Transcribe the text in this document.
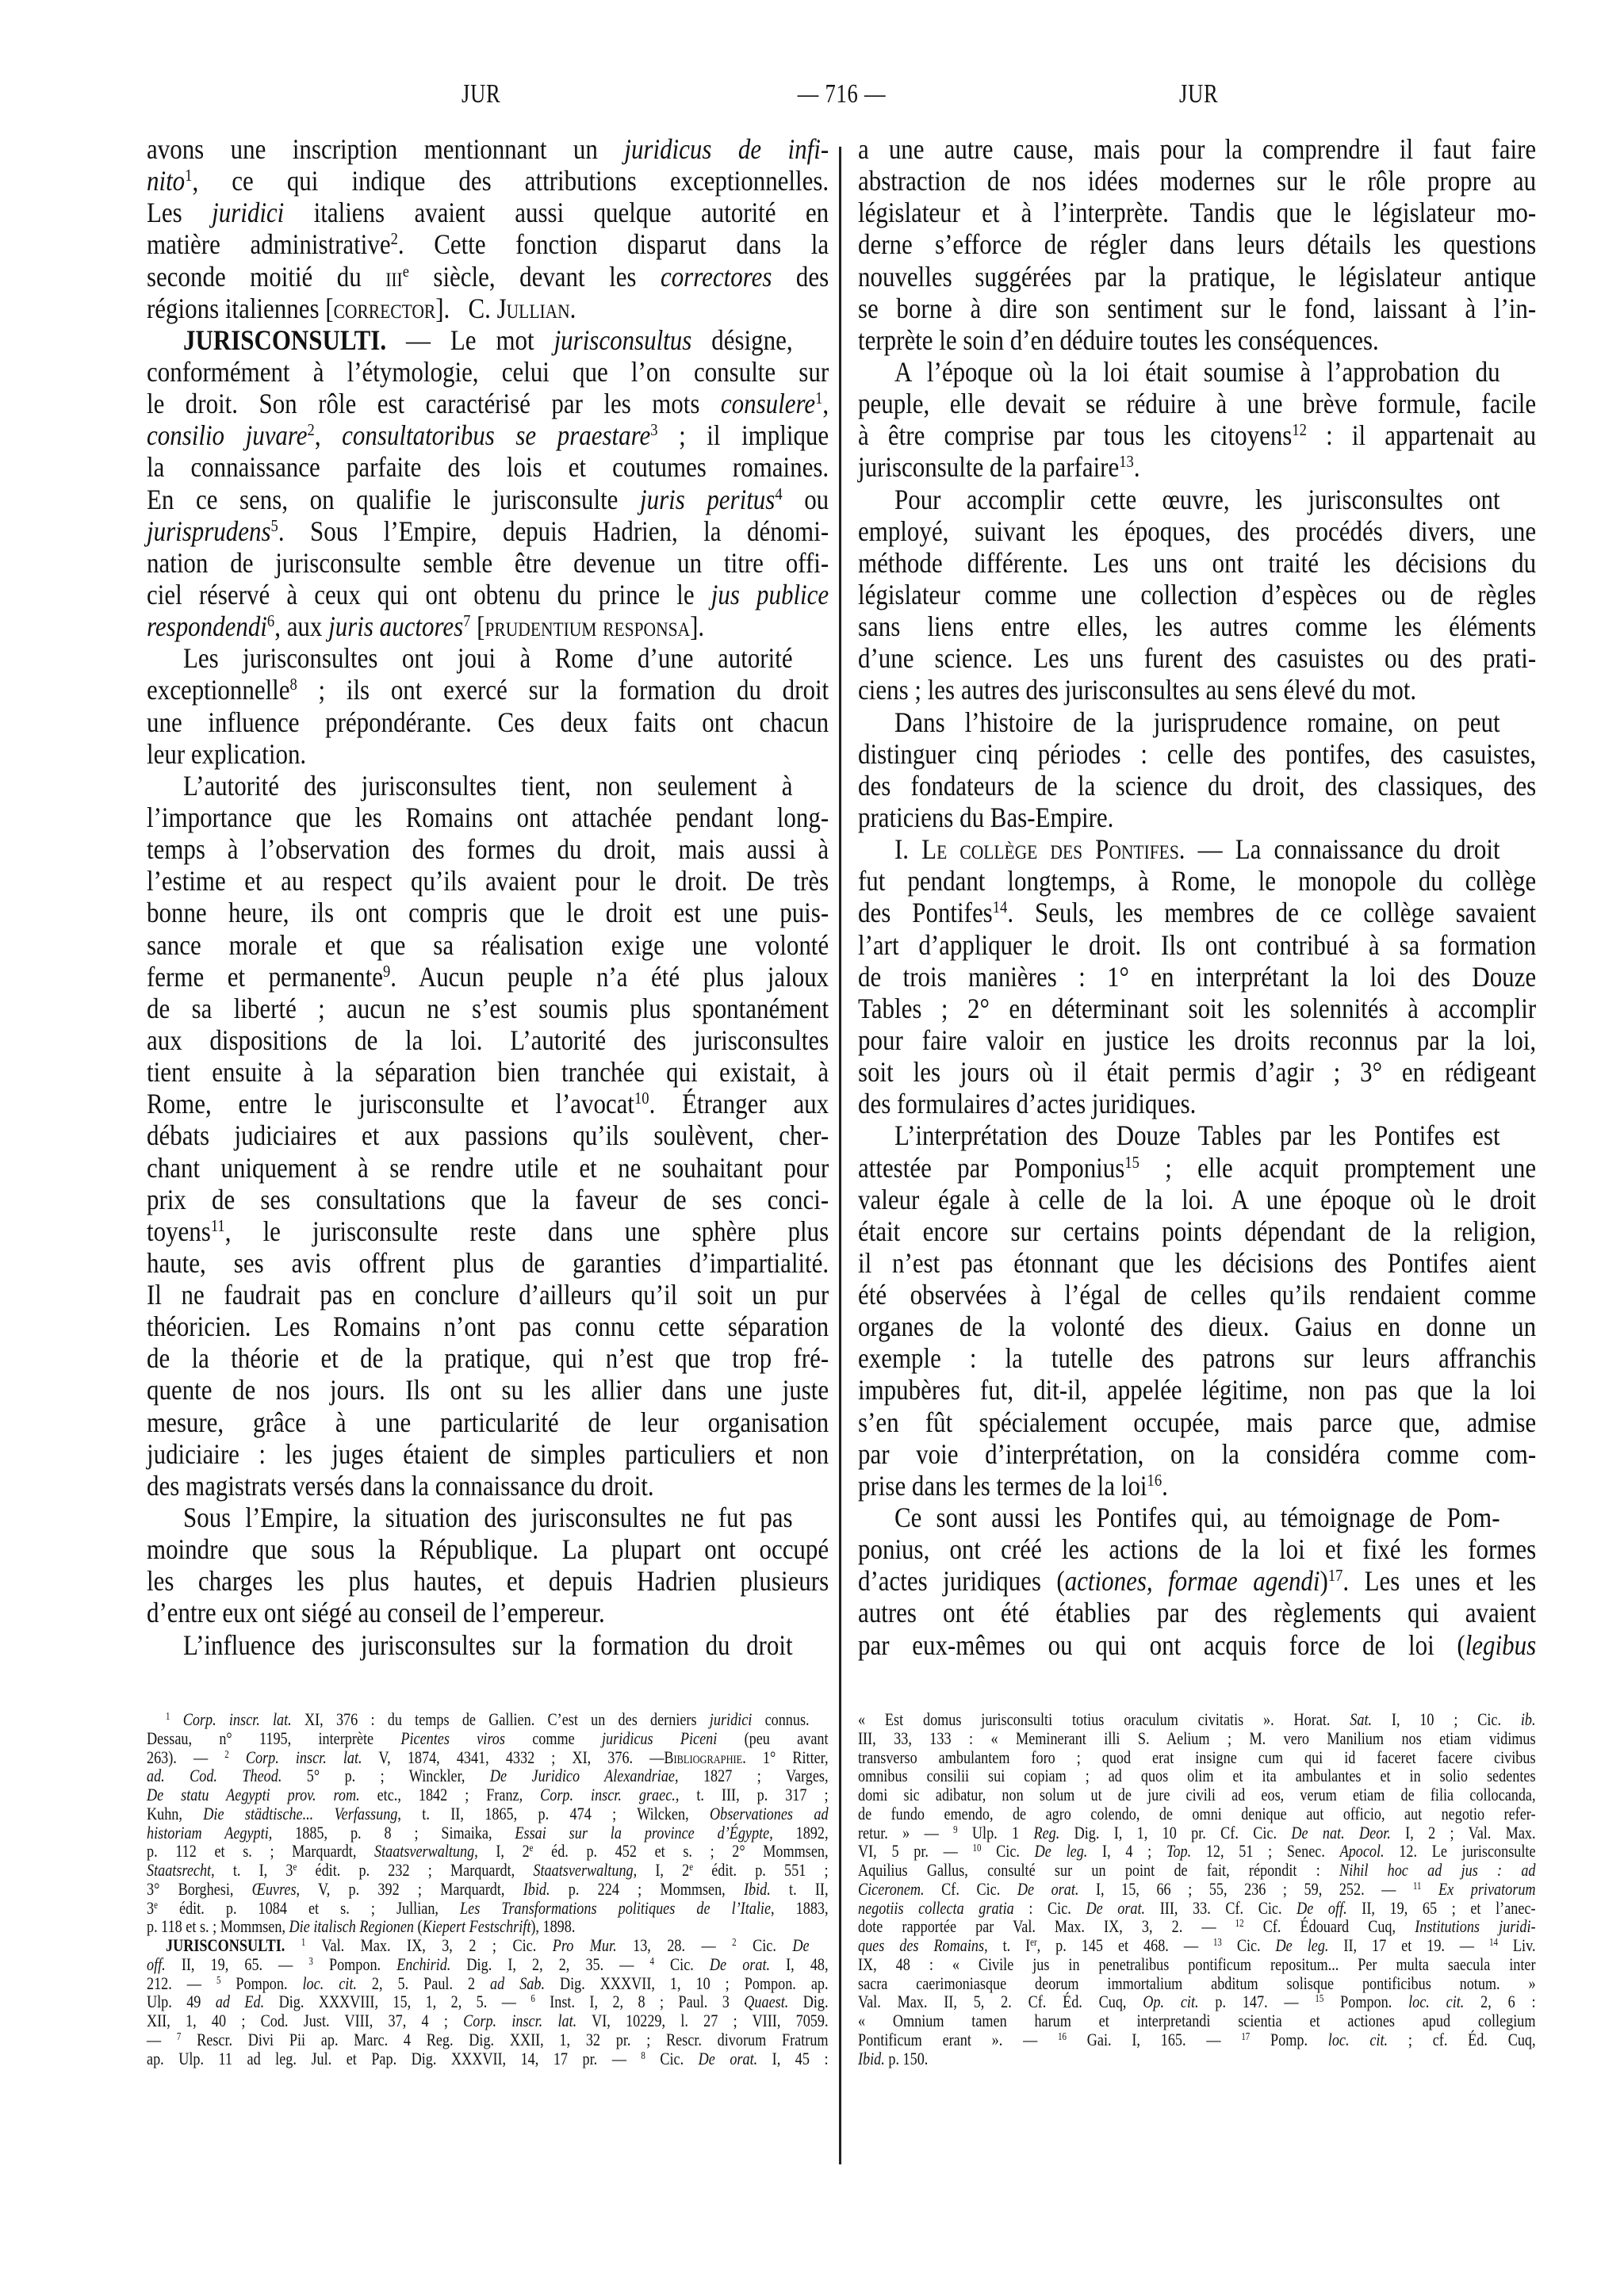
JUR	— 716 —	JUR
avons une inscription mentionnant un juridicus de infi-
nito$^1$, ce qui indique des attributions exceptionnelles.
Les juridici italiens avaient aussi quelque autorité en
matière administrative$^2$. Cette fonction disparut dans la
seconde moitié du iii$^e$ siècle, devant les correctores des
régions italiennes [corrector].   C. Jullian.
JURISCONSULTI. — Le mot jurisconsultus désigne,
conformément à l’étymologie, celui que l’on consulte sur
le droit. Son rôle est caractérisé par les mots consulere$^1$,
consilio juvare$^2$, consultatoribus se praestare$^3$ ; il implique
la connaissance parfaite des lois et coutumes romaines.
En ce sens, on qualifie le jurisconsulte juris peritus$^4$ ou
jurisprudens$^5$. Sous l’Empire, depuis Hadrien, la dénomi-
nation de jurisconsulte semble être devenue un titre offi-
ciel réservé à ceux qui ont obtenu du prince le jus publice
respondendi$^6$, aux juris auctores$^7$ [prudentium responsa].
Les jurisconsultes ont joui à Rome d’une autorité
exceptionnelle$^8$ ; ils ont exercé sur la formation du droit
une influence prépondérante. Ces deux faits ont chacun
leur explication.
L’autorité des jurisconsultes tient, non seulement à
l’importance que les Romains ont attachée pendant long-
temps à l’observation des formes du droit, mais aussi à
l’estime et au respect qu’ils avaient pour le droit. De très
bonne heure, ils ont compris que le droit est une puis-
sance morale et que sa réalisation exige une volonté
ferme et permanente$^9$. Aucun peuple n’a été plus jaloux
de sa liberté ; aucun ne s’est soumis plus spontanément
aux dispositions de la loi. L’autorité des jurisconsultes
tient ensuite à la séparation bien tranchée qui existait, à
Rome, entre le jurisconsulte et l’avocat$^{10}$. Étranger aux
débats judiciaires et aux passions qu’ils soulèvent, cher-
chant uniquement à se rendre utile et ne souhaitant pour
prix de ses consultations que la faveur de ses conci-
toyens$^{11}$, le jurisconsulte reste dans une sphère plus
haute, ses avis offrent plus de garanties d’impartialité.
Il ne faudrait pas en conclure d’ailleurs qu’il soit un pur
théoricien. Les Romains n’ont pas connu cette séparation
de la théorie et de la pratique, qui n’est que trop fré-
quente de nos jours. Ils ont su les allier dans une juste
mesure, grâce à une particularité de leur organisation
judiciaire : les juges étaient de simples particuliers et non
des magistrats versés dans la connaissance du droit.
Sous l’Empire, la situation des jurisconsultes ne fut pas
moindre que sous la République. La plupart ont occupé
les charges les plus hautes, et depuis Hadrien plusieurs
d’entre eux ont siégé au conseil de l’empereur.
L’influence des jurisconsultes sur la formation du droit
a une autre cause, mais pour la comprendre il faut faire
abstraction de nos idées modernes sur le rôle propre au
législateur et à l’interprète. Tandis que le législateur mo-
derne s’efforce de régler dans leurs détails les questions
nouvelles suggérées par la pratique, le législateur antique
se borne à dire son sentiment sur le fond, laissant à l’in-
terprète le soin d’en déduire toutes les conséquences.
A l’époque où la loi était soumise à l’approbation du
peuple, elle devait se réduire à une brève formule, facile
à être comprise par tous les citoyens$^{12}$ : il appartenait au
jurisconsulte de la parfaire$^{13}$.
Pour accomplir cette œuvre, les jurisconsultes ont
employé, suivant les époques, des procédés divers, une
méthode différente. Les uns ont traité les décisions du
législateur comme une collection d’espèces ou de règles
sans liens entre elles, les autres comme les éléments
d’une science. Les uns furent des casuistes ou des prati-
ciens ; les autres des jurisconsultes au sens élevé du mot.
Dans l’histoire de la jurisprudence romaine, on peut
distinguer cinq périodes : celle des pontifes, des casuistes,
des fondateurs de la science du droit, des classiques, des
praticiens du Bas-Empire.
I. Le collège des Pontifes. — La connaissance du droit
fut pendant longtemps, à Rome, le monopole du collège
des Pontifes$^{14}$. Seuls, les membres de ce collège savaient
l’art d’appliquer le droit. Ils ont contribué à sa formation
de trois manières : 1° en interprétant la loi des Douze
Tables ; 2° en déterminant soit les solennités à accomplir
pour faire valoir en justice les droits reconnus par la loi,
soit les jours où il était permis d’agir ; 3° en rédigeant
des formulaires d’actes juridiques.
L’interprétation des Douze Tables par les Pontifes est
attestée par Pomponius$^{15}$ ; elle acquit promptement une
valeur égale à celle de la loi. A une époque où le droit
était encore sur certains points dépendant de la religion,
il n’est pas étonnant que les décisions des Pontifes aient
été observées à l’égal de celles qu’ils rendaient comme
organes de la volonté des dieux. Gaius en donne un
exemple : la tutelle des patrons sur leurs affranchis
impubères fut, dit-il, appelée légitime, non pas que la loi
s’en fût spécialement occupée, mais parce que, admise
par voie d’interprétation, on la considéra comme com-
prise dans les termes de la loi$^{16}$.
Ce sont aussi les Pontifes qui, au témoignage de Pom-
ponius, ont créé les actions de la loi et fixé les formes
d’actes juridiques (actiones, formae agendi)$^{17}$. Les unes et les
autres ont été établies par des règlements qui avaient
par eux-mêmes ou qui ont acquis force de loi (legibus
$^1$ Corp. inscr. lat. XI, 376 : du temps de Gallien. C’est un des derniers juridici connus.
Dessau, n° 1195, interprète Picentes viros comme juridicus Piceni (peu avant
263). — $^2$ Corp. inscr. lat. V, 1874, 4341, 4332 ; XI, 376. —Bibliographie. 1° Ritter,
ad. Cod. Theod. 5° p. ; Winckler, De Juridico Alexandriae, 1827 ; Varges,
De statu Aegypti prov. rom. etc., 1842 ; Franz, Corp. inscr. graec., t. III, p. 317 ;
Kuhn, Die städtische... Verfassung, t. II, 1865, p. 474 ; Wilcken, Observationes ad
historiam Aegypti, 1885, p. 8 ; Simaika, Essai sur la province d’Égypte, 1892,
p. 112 et s. ; Marquardt, Staatsverwaltung, I, 2e éd. p. 452 et s. ; 2° Mommsen,
Staatsrecht, t. I, 3e édit. p. 232 ; Marquardt, Staatsverwaltung, I, 2e édit. p. 551 ;
3° Borghesi, Œuvres, V, p. 392 ; Marquardt, Ibid. p. 224 ; Mommsen, Ibid. t. II,
3e édit. p. 1084 et s. ; Jullian, Les Transformations politiques de l’Italie, 1883,
p. 118 et s. ; Mommsen, Die italisch Regionen (Kiepert Festschrift), 1898.
JURISCONSULTI. $^1$ Val. Max. IX, 3, 2 ; Cic. Pro Mur. 13, 28. — $^2$ Cic. De
off. II, 19, 65. — $^3$ Pompon. Enchirid. Dig. I, 2, 2, 35. — $^4$ Cic. De orat. I, 48,
212. — $^5$ Pompon. loc. cit. 2, 5. Paul. 2 ad Sab. Dig. XXXVII, 1, 10 ; Pompon. ap.
Ulp. 49 ad Ed. Dig. XXXVIII, 15, 1, 2, 5. — $^6$ Inst. I, 2, 8 ; Paul. 3 Quaest. Dig.
XII, 1, 40 ; Cod. Just. VIII, 37, 4 ; Corp. inscr. lat. VI, 10229, l. 27 ; VIII, 7059.
— $^7$ Rescr. Divi Pii ap. Marc. 4 Reg. Dig. XXII, 1, 32 pr. ; Rescr. divorum Fratrum
ap. Ulp. 11 ad leg. Jul. et Pap. Dig. XXXVII, 14, 17 pr. — $^8$ Cic. De orat. I, 45 :
« Est domus jurisconsulti totius oraculum civitatis ». Horat. Sat. I, 10 ; Cic. ib.
III, 33, 133 : « Meminerant illi S. Aelium ; M. vero Manilium nos etiam vidimus
transverso ambulantem foro ; quod erat insigne cum qui id faceret facere civibus
omnibus consilii sui copiam ; ad quos olim et ita ambulantes et in solio sedentes
domi sic adibatur, non solum ut de jure civili ad eos, verum etiam de filia collocanda,
de fundo emendo, de agro colendo, de omni denique aut officio, aut negotio refer-
retur. » — $^9$ Ulp. 1 Reg. Dig. I, 1, 10 pr. Cf. Cic. De nat. Deor. I, 2 ; Val. Max.
VI, 5 pr. — $^{10}$ Cic. De leg. I, 4 ; Top. 12, 51 ; Senec. Apocol. 12. Le jurisconsulte
Aquilius Gallus, consulté sur un point de fait, répondit : Nihil hoc ad jus : ad
Ciceronem. Cf. Cic. De orat. I, 15, 66 ; 55, 236 ; 59, 252. — $^{11}$ Ex privatorum
negotiis collecta gratia : Cic. De orat. III, 33. Cf. Cic. De off. II, 19, 65 ; et l’anec-
dote rapportée par Val. Max. IX, 3, 2. — $^{12}$ Cf. Édouard Cuq, Institutions juridi-
ques des Romains, t. Ier, p. 145 et 468. — $^{13}$ Cic. De leg. II, 17 et 19. — $^{14}$ Liv.
IX, 48 : « Civile jus in penetralibus pontificum repositum... Per multa saecula inter
sacra caerimoniasque deorum immortalium abditum solisque pontificibus notum. »
Val. Max. II, 5, 2. Cf. Éd. Cuq, Op. cit. p. 147. — $^{15}$ Pompon. loc. cit. 2, 6 :
« Omnium tamen harum et interpretandi scientia et actiones apud collegium
Pontificum erant ». — $^{16}$ Gai. I, 165. — $^{17}$ Pomp. loc. cit. ; cf. Éd. Cuq,
Ibid. p. 150.
